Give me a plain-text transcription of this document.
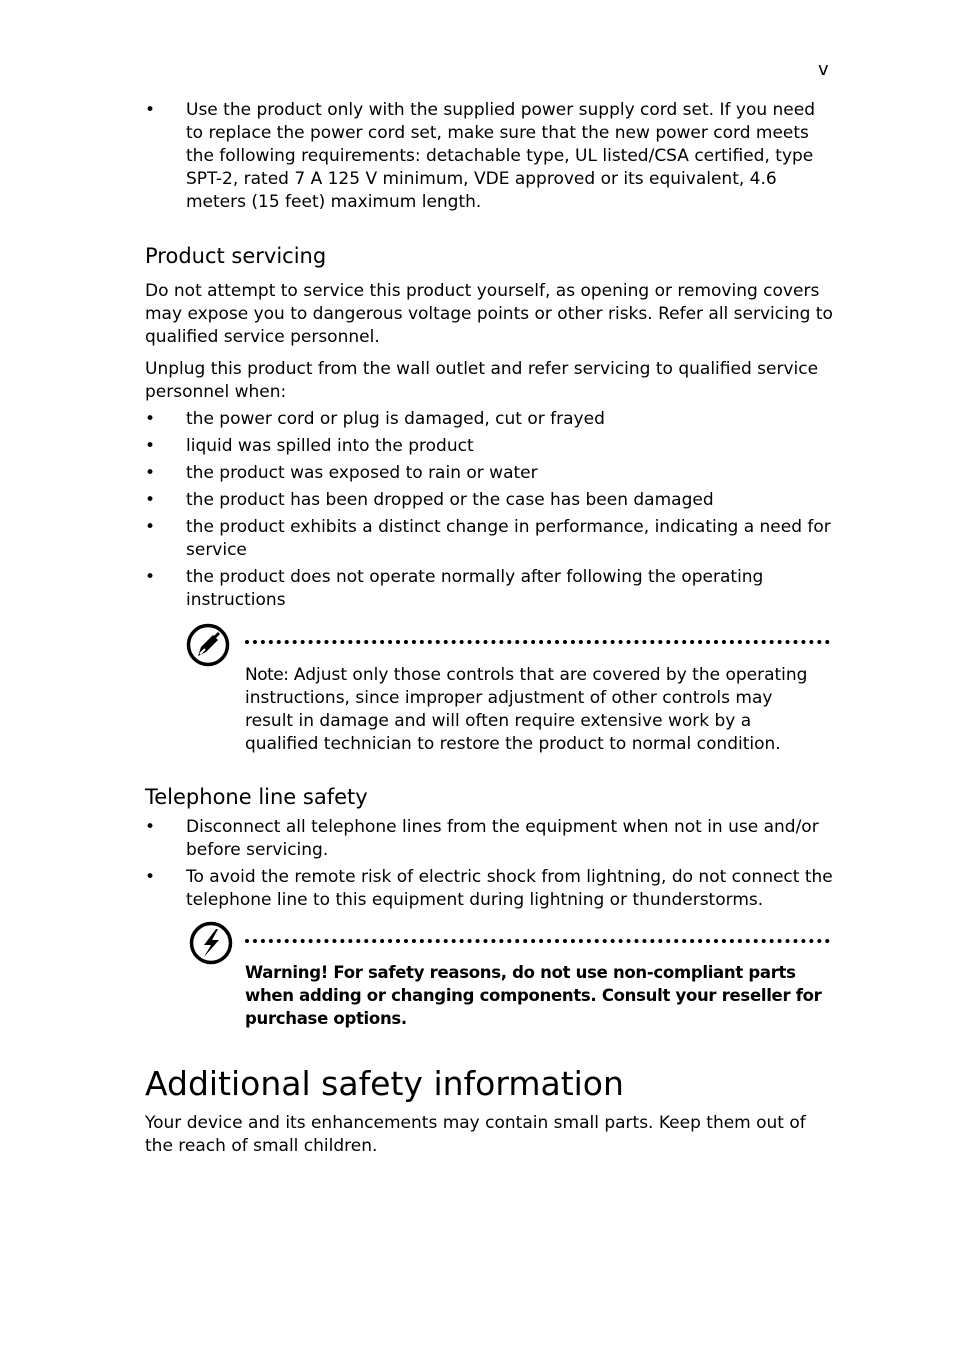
v
• Use the product only with the supplied power supply cord set. If you need to replace the power cord set, make sure that the new power cord meets the following requirements: detachable type, UL listed/CSA certified, type SPT-2, rated 7 A 125 V minimum, VDE approved or its equivalent, 4.6 meters (15 feet) maximum length.
Product servicing

Do not attempt to service this product yourself, as opening or removing covers may expose you to dangerous voltage points or other risks. Refer all servicing to qualified service personnel.

Unplug this product from the wall outlet and refer servicing to qualified service personnel when:

• the power cord or plug is damaged, cut or frayed
• liquid was spilled into the product
• the product was exposed to rain or water
• the product has been dropped or the case has been damaged
• the product exhibits a distinct change in performance, indicating a need for service
• the product does not operate normally after following the operating instructions

Note: Adjust only those controls that are covered by the operating instructions, since improper adjustment of other controls may result in damage and will often require extensive work by a qualified technician to restore the product to normal condition.

Telephone line safety
• Disconnect all telephone lines from the equipment when not in use and/or before servicing.
• To avoid the remote risk of electric shock from lightning, do not connect the telephone line to this equipment during lightning or thunderstorms.

Warning! For safety reasons, do not use non-compliant parts when adding or changing components. Consult your reseller for purchase options.

Additional safety information

Your device and its enhancements may contain small parts. Keep them out of the reach of small children.
